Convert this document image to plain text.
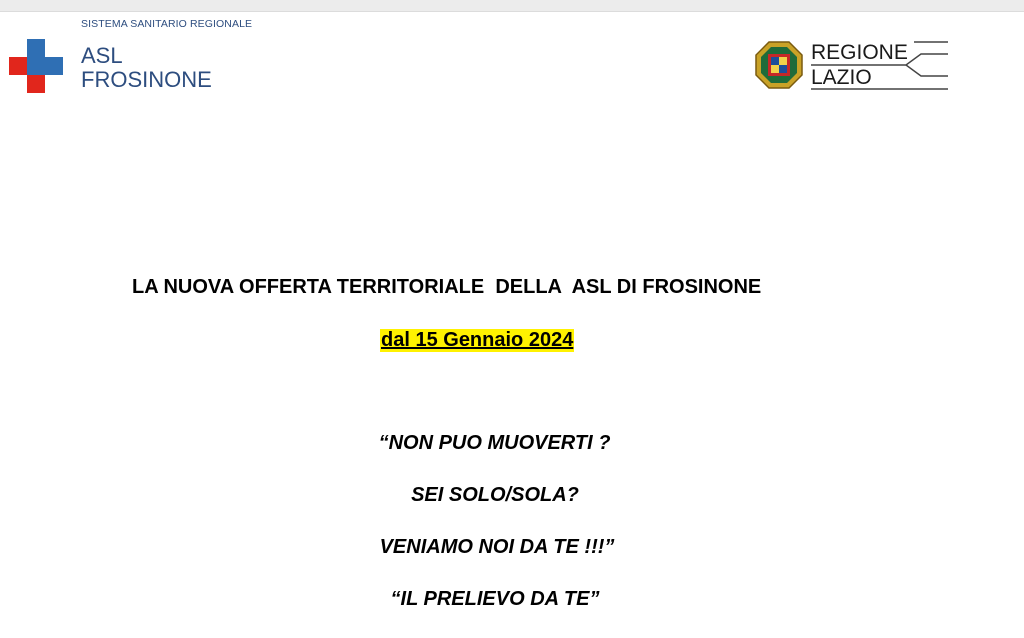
SISTEMA SANITARIO REGIONALE
ASL
FROSINONE
REGIONE
LAZIO
LA NUOVA OFFERTA TERRITORIALE  DELLA  ASL DI FROSINONE
dal 15 Gennaio 2024
“NON PUO MUOVERTI ?
SEI SOLO/SOLA?
VENIAMO NOI DA TE !!!”
“IL PRELIEVO DA TE”
